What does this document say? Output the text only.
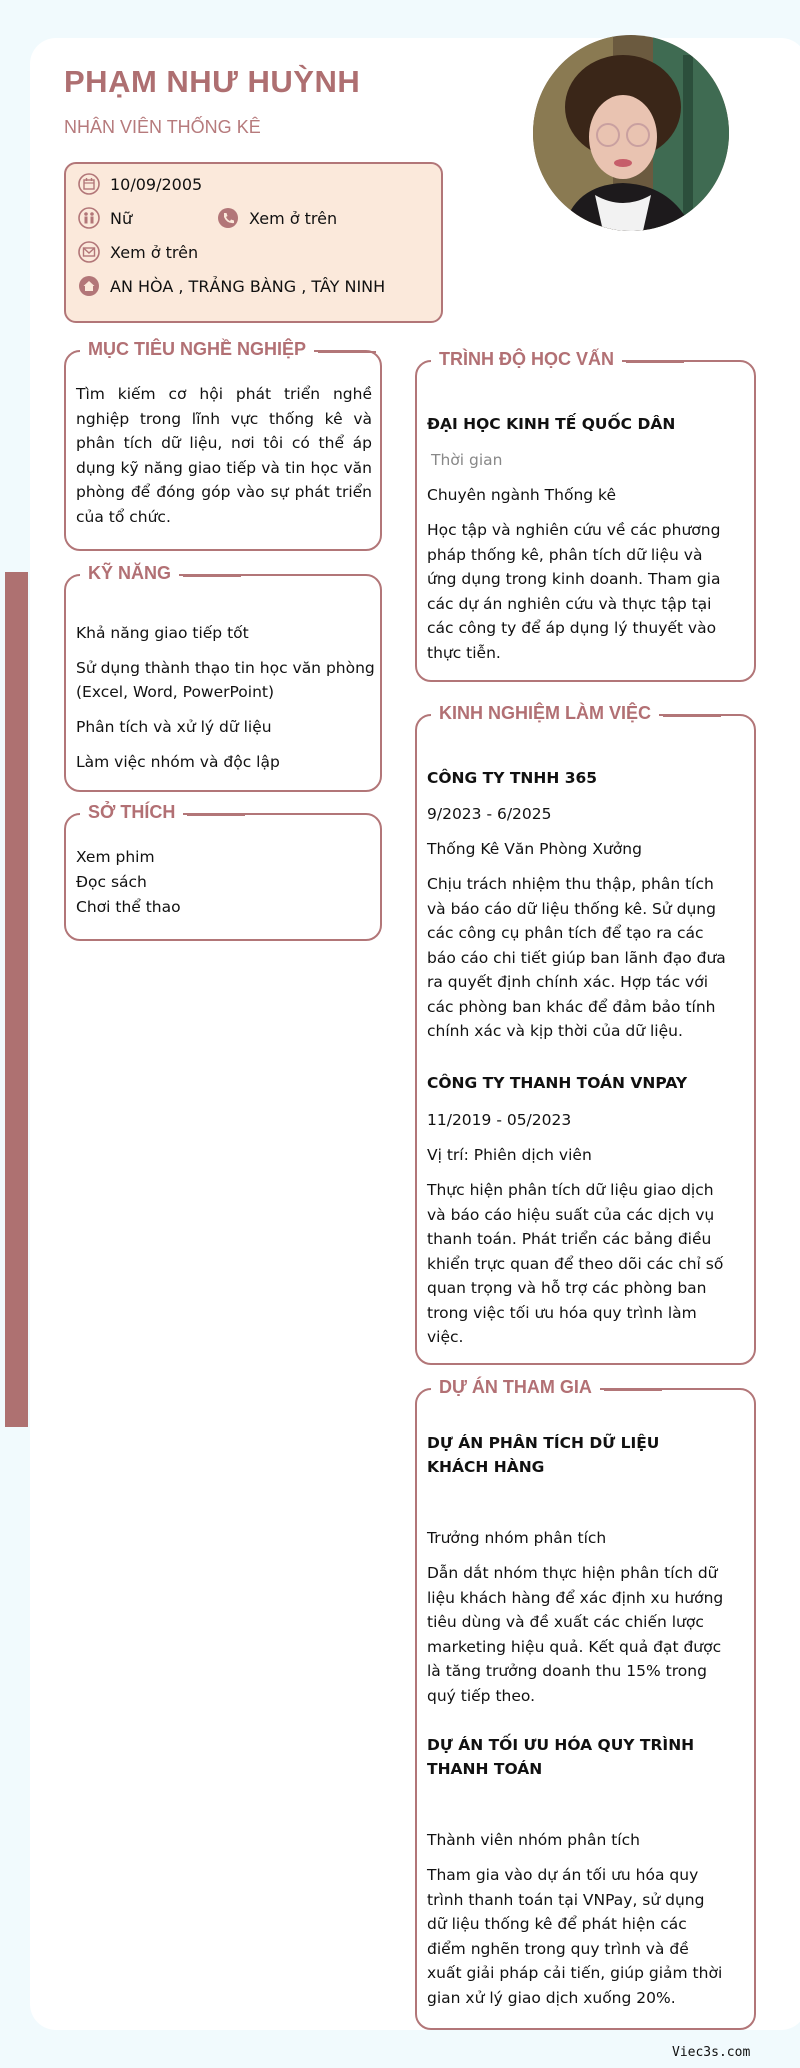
PHẠM NHƯ HUỲNH
NHÂN VIÊN THỐNG KÊ
10/09/2005
Nữ	Xem ở trên
Xem ở trên
AN HÒA , TRẢNG BÀNG , TÂY NINH
MỤC TIÊU NGHỀ NGHIỆP
Tìm kiếm cơ hội phát triển nghề nghiệp trong lĩnh vực thống kê và phân tích dữ liệu, nơi tôi có thể áp dụng kỹ năng giao tiếp và tin học văn phòng để đóng góp vào sự phát triển của tổ chức.
KỸ NĂNG
Khả năng giao tiếp tốt
Sử dụng thành thạo tin học văn phòng (Excel, Word, PowerPoint)
Phân tích và xử lý dữ liệu
Làm việc nhóm và độc lập
SỞ THÍCH
Xem phim
Đọc sách
Chơi thể thao
TRÌNH ĐỘ HỌC VẤN
ĐẠI HỌC KINH TẾ QUỐC DÂN
Thời gian
Chuyên ngành Thống kê
Học tập và nghiên cứu về các phương pháp thống kê, phân tích dữ liệu và ứng dụng trong kinh doanh. Tham gia các dự án nghiên cứu và thực tập tại các công ty để áp dụng lý thuyết vào thực tiễn.
KINH NGHIỆM LÀM VIỆC
CÔNG TY TNHH 365
9/2023 - 6/2025
Thống Kê Văn Phòng Xưởng
Chịu trách nhiệm thu thập, phân tích và báo cáo dữ liệu thống kê. Sử dụng các công cụ phân tích để tạo ra các báo cáo chi tiết giúp ban lãnh đạo đưa ra quyết định chính xác. Hợp tác với các phòng ban khác để đảm bảo tính chính xác và kịp thời của dữ liệu.
CÔNG TY THANH TOÁN VNPAY
11/2019 - 05/2023
Vị trí: Phiên dịch viên
Thực hiện phân tích dữ liệu giao dịch và báo cáo hiệu suất của các dịch vụ thanh toán. Phát triển các bảng điều khiển trực quan để theo dõi các chỉ số quan trọng và hỗ trợ các phòng ban trong việc tối ưu hóa quy trình làm việc.
DỰ ÁN THAM GIA
DỰ ÁN PHÂN TÍCH DỮ LIỆU KHÁCH HÀNG
Trưởng nhóm phân tích
Dẫn dắt nhóm thực hiện phân tích dữ liệu khách hàng để xác định xu hướng tiêu dùng và đề xuất các chiến lược marketing hiệu quả. Kết quả đạt được là tăng trưởng doanh thu 15% trong quý tiếp theo.
DỰ ÁN TỐI ƯU HÓA QUY TRÌNH THANH TOÁN
Thành viên nhóm phân tích
Tham gia vào dự án tối ưu hóa quy trình thanh toán tại VNPay, sử dụng dữ liệu thống kê để phát hiện các điểm nghẽn trong quy trình và đề xuất giải pháp cải tiến, giúp giảm thời gian xử lý giao dịch xuống 20%.
Viec3s.com
